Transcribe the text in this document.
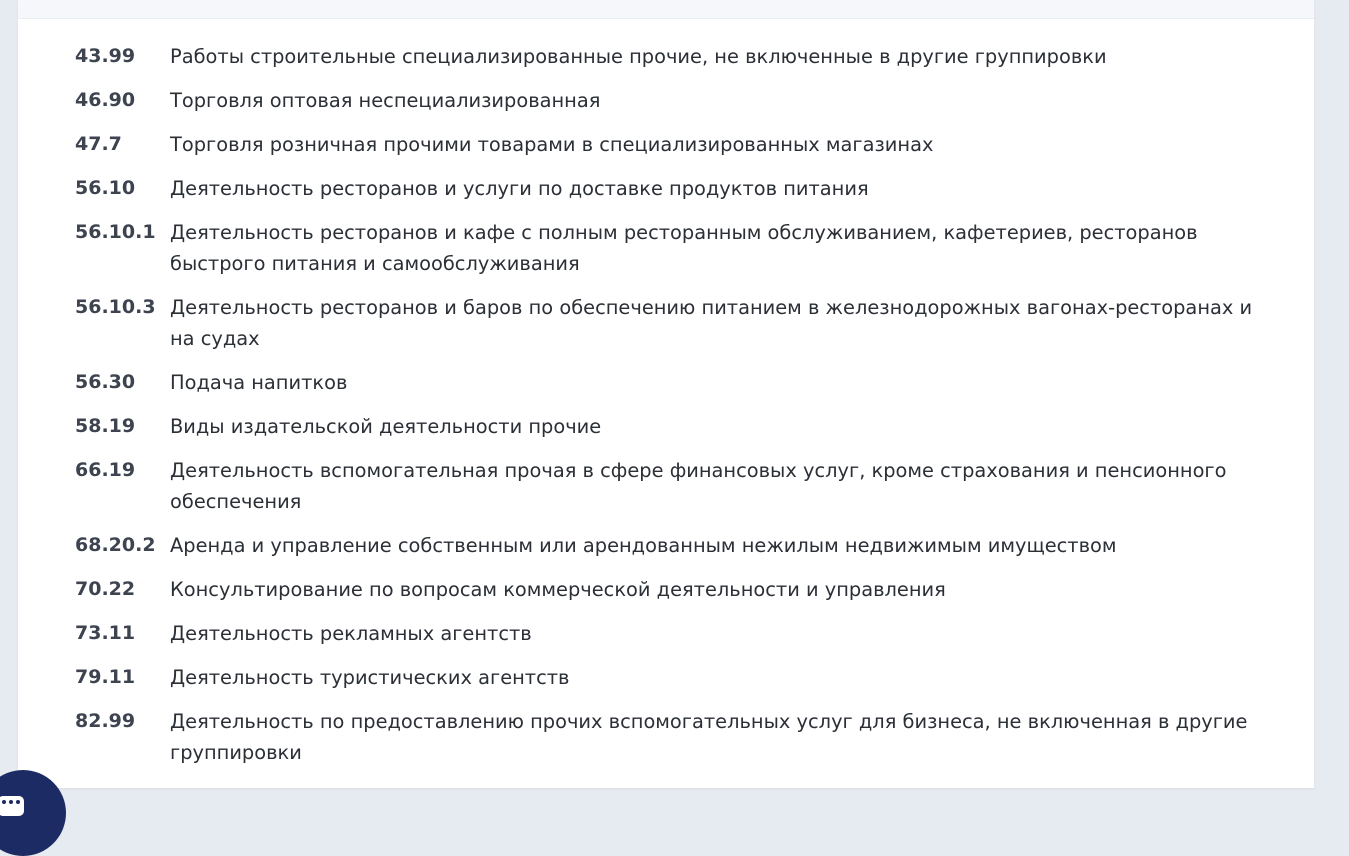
43.99	Работы строительные специализированные прочие, не включенные в другие группировки
46.90	Торговля оптовая неспециализированная
47.7	Торговля розничная прочими товарами в специализированных магазинах
56.10	Деятельность ресторанов и услуги по доставке продуктов питания
56.10.1 Деятельность ресторанов и кафе с полным ресторанным обслуживанием, кафетериев, ресторанов быстрого питания и самообслуживания
56.10.3 Деятельность ресторанов и баров по обеспечению питанием в железнодорожных вагонах-ресторанах и на судах
56.30	Подача напитков
58.19	Виды издательской деятельности прочие
66.19	Деятельность вспомогательная прочая в сфере финансовых услуг, кроме страхования и пенсионного обеспечения
68.20.2 Аренда и управление собственным или арендованным нежилым недвижимым имуществом
70.22	Консультирование по вопросам коммерческой деятельности и управления
73.11	Деятельность рекламных агентств
79.11	Деятельность туристических агентств
82.99	Деятельность по предоставлению прочих вспомогательных услуг для бизнеса, не включенная в другие группировки
